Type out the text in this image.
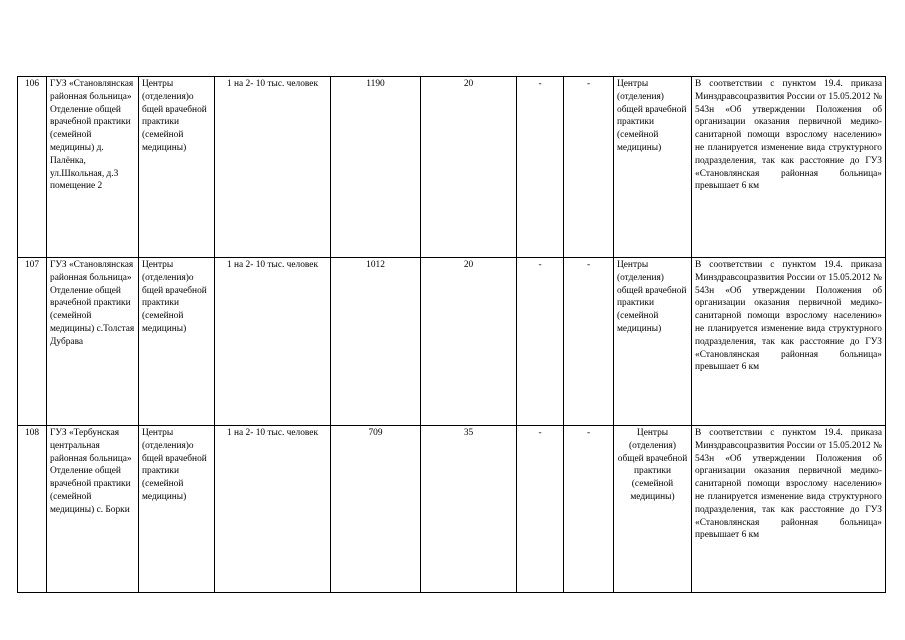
106	ГУЗ «Становлянская районная больница» Отделение общей врачебной практики (семейной медицины) д. Палёнка, ул.Школьная, д.3 помещение 2	Центры (отделения)о бщей врачебной практики (семейной медицины)	1 на 2- 10 тыс. человек	1190	20	-	-	Центры (отделения) общей врачебной практики (семейной медицины)	В соответствии с пунктом 19.4. приказа Минздравсоцразвития России от 15.05.2012 № 543н «Об утверждении Положения об организации оказания первичной медико-санитарной помощи взрослому населению» не планируется изменение вида структурного подразделения, так как расстояние до ГУЗ «Становлянская районная больница» превышает 6 км
107	ГУЗ «Становлянская районная больница» Отделение общей врачебной практики (семейной медицины) с.Толстая Дубрава	Центры (отделения)о бщей врачебной практики (семейной медицины)	1 на 2- 10 тыс. человек	1012	20	-	-	Центры (отделения) общей врачебной практики (семейной медицины)	В соответствии с пунктом 19.4. приказа Минздравсоцразвития России от 15.05.2012 № 543н «Об утверждении Положения об организации оказания первичной медико-санитарной помощи взрослому населению» не планируется изменение вида структурного подразделения, так как расстояние до ГУЗ «Становлянская районная больница» превышает 6 км
108	ГУЗ «Тербунская центральная районная больница» Отделение общей врачебной практики (семейной медицины) с. Борки	Центры (отделения)о бщей врачебной практики (семейной медицины)	1 на 2- 10 тыс. человек	709	35	-	-	Центры (отделения) общей врачебной практики (семейной медицины)	В соответствии с пунктом 19.4. приказа Минздравсоцразвития России от 15.05.2012 № 543н «Об утверждении Положения об организации оказания первичной медико-санитарной помощи взрослому населению» не планируется изменение вида структурного подразделения, так как расстояние до ГУЗ «Становлянская районная больница» превышает 6 км
